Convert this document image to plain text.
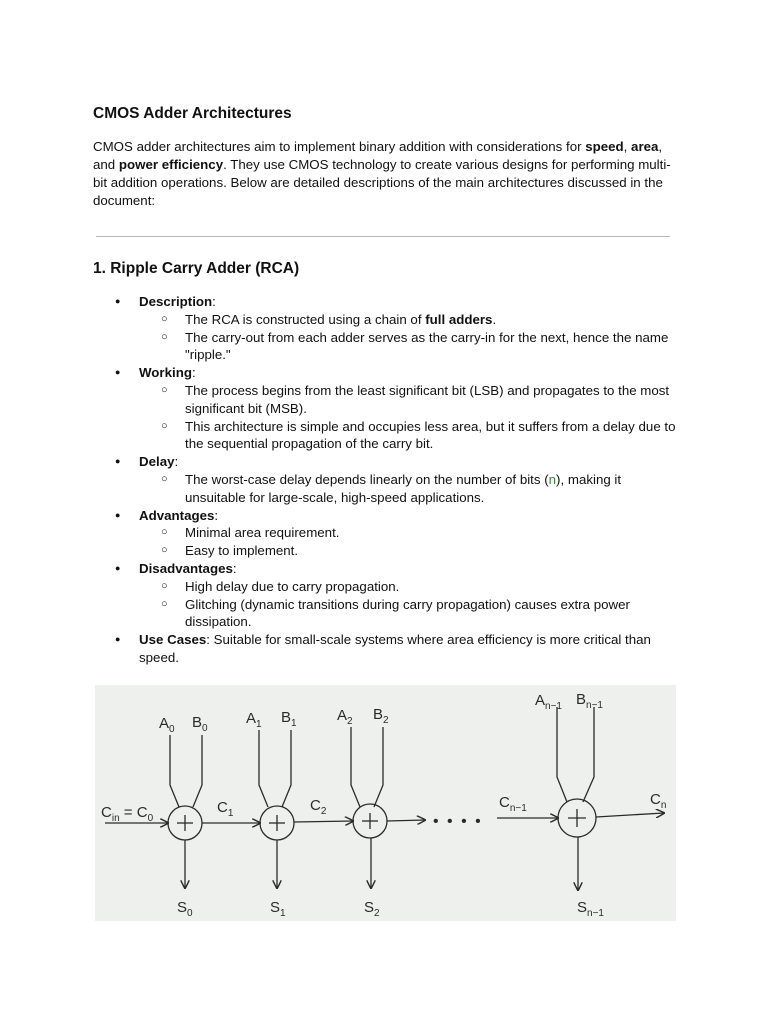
CMOS Adder Architectures

CMOS adder architectures aim to implement binary addition with considerations for speed, area, and power efficiency. They use CMOS technology to create various designs for performing multi-bit addition operations. Below are detailed descriptions of the main architectures discussed in the document:

1. Ripple Carry Adder (RCA)
● Description:
○ The RCA is constructed using a chain of full adders.
○ The carry-out from each adder serves as the carry-in for the next, hence the name "ripple."
● Working:
○ The process begins from the least significant bit (LSB) and propagates to the most significant bit (MSB).
○ This architecture is simple and occupies less area, but it suffers from a delay due to the sequential propagation of the carry bit.
● Delay:
○ The worst-case delay depends linearly on the number of bits (n), making it unsuitable for large-scale, high-speed applications.
● Advantages:
○ Minimal area requirement.
○ Easy to implement.
● Disadvantages:
○ High delay due to carry propagation.
○ Glitching (dynamic transitions during carry propagation) causes extra power dissipation.
● Use Cases: Suitable for small-scale systems where area efficiency is more critical than speed.
• • • •
$A_0$ $B_0$
$A_1$ $B_1$	$A_2$ $B_2$
$A_{n-1}$ $B_{n-1}$
$C_{in} = C_0$
$C_1$	$C_2$
$C_{n-1}$
$C_n$
$S_0$	$S_1$	$S_2$	$S_{n-1}$
